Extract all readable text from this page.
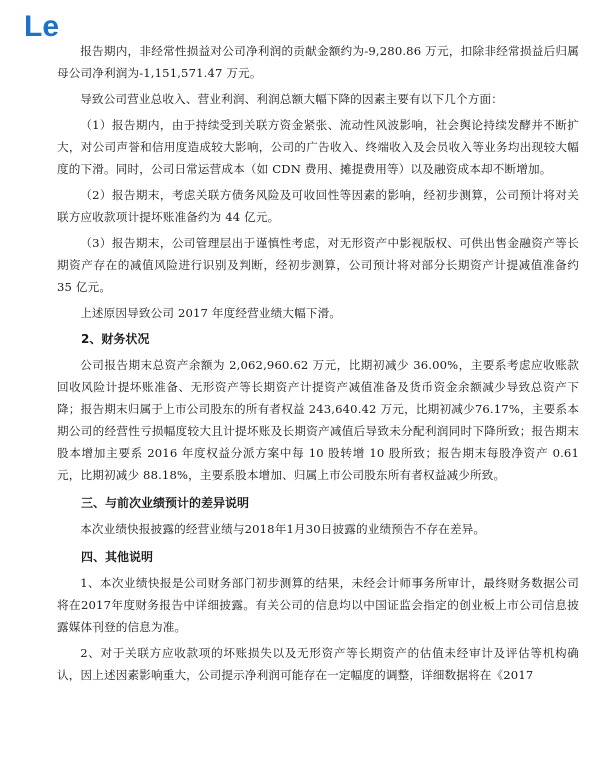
Le

报告期内，非经常性损益对公司净利润的贡献金额约为-9,280.86 万元，扣除非经常损益后归属母公司净利润为-1,151,571.47 万元。

导致公司营业总收入、营业利润、利润总额大幅下降的因素主要有以下几个方面：

（1）报告期内，由于持续受到关联方资金紧张、流动性风波影响，社会舆论持续发酵并不断扩大，对公司声誉和信用度造成较大影响，公司的广告收入、终端收入及会员收入等业务均出现较大幅度的下滑。同时，公司日常运营成本（如 CDN 费用、摊提费用等）以及融资成本却不断增加。

（2）报告期末，考虑关联方债务风险及可收回性等因素的影响，经初步测算，公司预计将对关联方应收款项计提坏账准备约为 44 亿元。

（3）报告期末，公司管理层出于谨慎性考虑，对无形资产中影视版权、可供出售金融资产等长期资产存在的减值风险进行识别及判断，经初步测算，公司预计将对部分长期资产计提减值准备约 35 亿元。

上述原因导致公司 2017 年度经营业绩大幅下滑。

2、财务状况

公司报告期末总资产余额为 2,062,960.62 万元，比期初减少 36.00%，主要系考虑应收账款回收风险计提坏账准备、无形资产等长期资产计提资产减值准备及货币资金余额减少导致总资产下降；报告期末归属于上市公司股东的所有者权益 243,640.42 万元，比期初减少76.17%，主要系本期公司的经营性亏损幅度较大且计提坏账及长期资产减值后导致未分配利润同时下降所致；报告期末股本增加主要系 2016 年度权益分派方案中每 10 股转增 10 股所致；报告期末每股净资产 0.61 元，比期初减少 88.18%，主要系股本增加、归属上市公司股东所有者权益减少所致。

三、与前次业绩预计的差异说明

本次业绩快报披露的经营业绩与2018年1月30日披露的业绩预告不存在差异。

四、其他说明

1、本次业绩快报是公司财务部门初步测算的结果，未经会计师事务所审计，最终财务数据公司将在2017年度财务报告中详细披露。有关公司的信息均以中国证监会指定的创业板上市公司信息披露媒体刊登的信息为准。

2、对于关联方应收款项的坏账损失以及无形资产等长期资产的估值未经审计及评估等机构确认，因上述因素影响重大，公司提示净利润可能存在一定幅度的调整，详细数据将在《2017
